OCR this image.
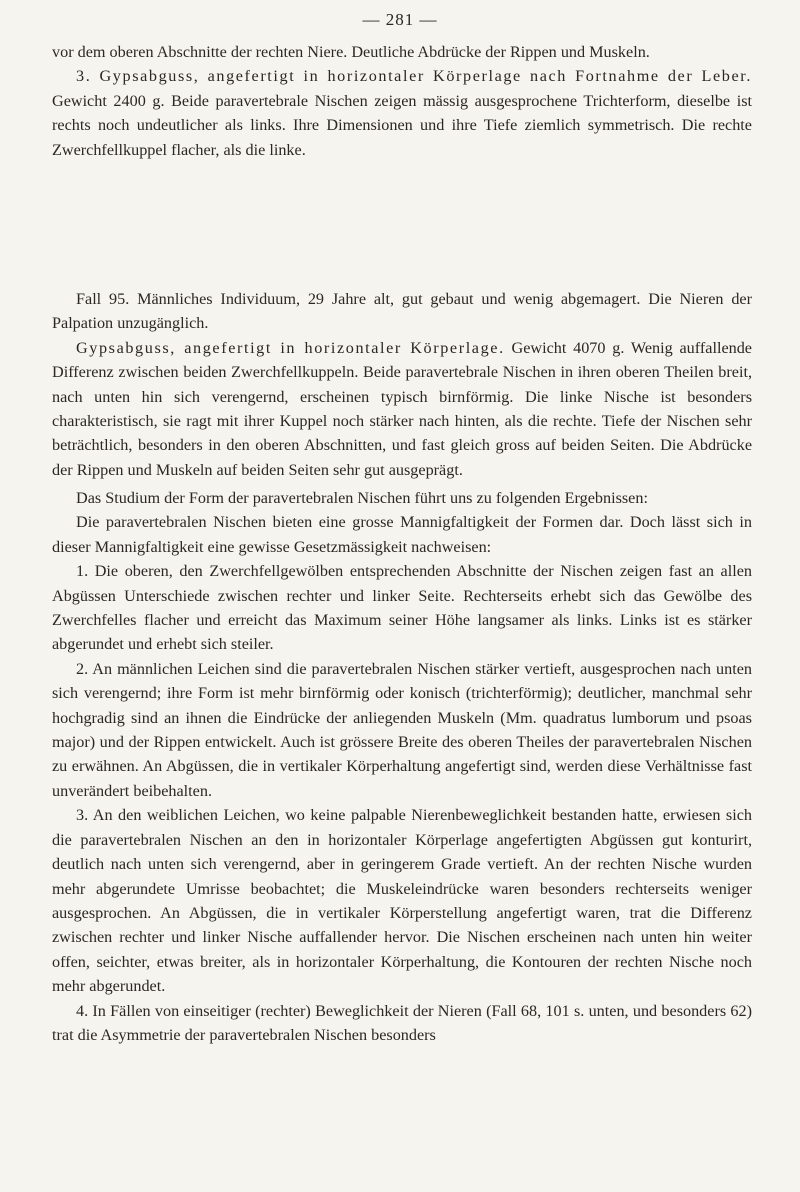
— 281 —

vor dem oberen Abschnitte der rechten Niere. Deutliche Abdrücke der Rippen und Muskeln.

3. Gypsabguss, angefertigt in horizontaler Körperlage nach Fortnahme der Leber. Gewicht 2400 g. Beide paravertebrale Nischen zeigen mässig ausgesprochene Trichterform, dieselbe ist rechts noch undeutlicher als links. Ihre Dimensionen und ihre Tiefe ziemlich symmetrisch. Die rechte Zwerchfellkuppel flacher, als die linke.

Fall 95. Männliches Individuum, 29 Jahre alt, gut gebaut und wenig abgemagert. Die Nieren der Palpation unzugänglich.

Gypsabguss, angefertigt in horizontaler Körperlage. Gewicht 4070 g. Wenig auffallende Differenz zwischen beiden Zwerchfellkuppeln. Beide paravertebrale Nischen in ihren oberen Theilen breit, nach unten hin sich verengernd, erscheinen typisch birnförmig. Die linke Nische ist besonders charakteristisch, sie ragt mit ihrer Kuppel noch stärker nach hinten, als die rechte. Tiefe der Nischen sehr beträchtlich, besonders in den oberen Abschnitten, und fast gleich gross auf beiden Seiten. Die Abdrücke der Rippen und Muskeln auf beiden Seiten sehr gut ausgeprägt.

Das Studium der Form der paravertebralen Nischen führt uns zu folgenden Ergebnissen:

Die paravertebralen Nischen bieten eine grosse Mannigfaltigkeit der Formen dar. Doch lässt sich in dieser Mannigfaltigkeit eine gewisse Gesetzmässigkeit nachweisen:

1. Die oberen, den Zwerchfellgewölben entsprechenden Abschnitte der Nischen zeigen fast an allen Abgüssen Unterschiede zwischen rechter und linker Seite. Rechterseits erhebt sich das Gewölbe des Zwerchfelles flacher und erreicht das Maximum seiner Höhe langsamer als links. Links ist es stärker abgerundet und erhebt sich steiler.

2. An männlichen Leichen sind die paravertebralen Nischen stärker vertieft, ausgesprochen nach unten sich verengernd; ihre Form ist mehr birnförmig oder konisch (trichterförmig); deutlicher, manchmal sehr hochgradig sind an ihnen die Eindrücke der anliegenden Muskeln (Mm. quadratus lumborum und psoas major) und der Rippen entwickelt. Auch ist grössere Breite des oberen Theiles der paravertebralen Nischen zu erwähnen. An Abgüssen, die in vertikaler Körperhaltung angefertigt sind, werden diese Verhältnisse fast unverändert beibehalten.

3. An den weiblichen Leichen, wo keine palpable Nierenbeweglichkeit bestanden hatte, erwiesen sich die paravertebralen Nischen an den in horizontaler Körperlage angefertigten Abgüssen gut konturirt, deutlich nach unten sich verengernd, aber in geringerem Grade vertieft. An der rechten Nische wurden mehr abgerundete Umrisse beobachtet; die Muskeleindrücke waren besonders rechterseits weniger ausgesprochen. An Abgüssen, die in vertikaler Körperstellung angefertigt waren, trat die Differenz zwischen rechter und linker Nische auffallender hervor. Die Nischen erscheinen nach unten hin weiter offen, seichter, etwas breiter, als in horizontaler Körperhaltung, die Kontouren der rechten Nische noch mehr abgerundet.

4. In Fällen von einseitiger (rechter) Beweglichkeit der Nieren (Fall 68, 101 s. unten, und besonders 62) trat die Asymmetrie der paravertebralen Nischen besonders
